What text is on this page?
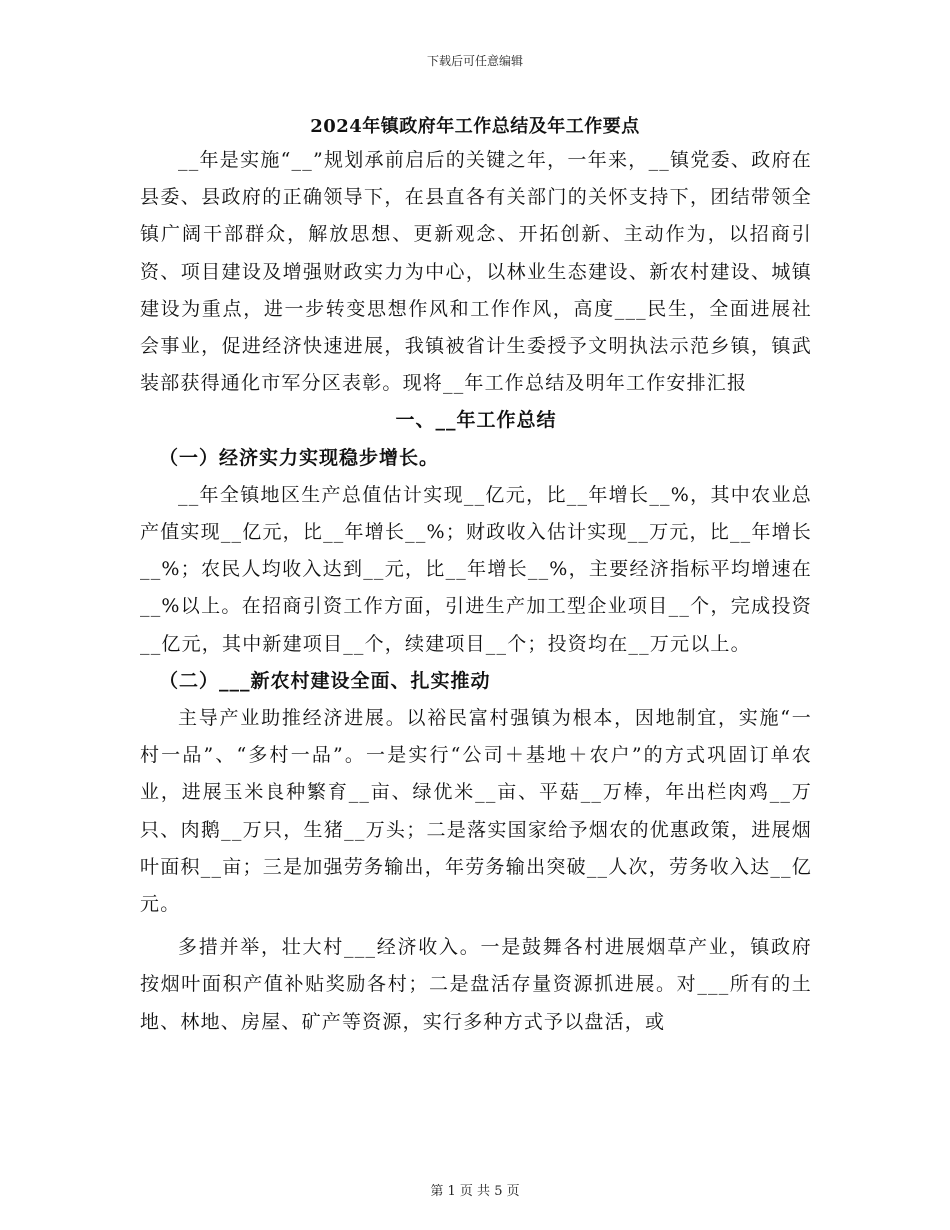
下载后可任意编辑
2024年镇政府年工作总结及年工作要点

__年是实施“__”规划承前启后的关键之年，一年来，__镇党委、政府在县委、县政府的正确领导下，在县直各有关部门的关怀支持下，团结带领全镇广阔干部群众，解放思想、更新观念、开拓创新、主动作为，以招商引资、项目建设及增强财政实力为中心，以林业生态建设、新农村建设、城镇建设为重点，进一步转变思想作风和工作作风，高度___民生，全面进展社会事业，促进经济快速进展，我镇被省计生委授予文明执法示范乡镇，镇武装部获得通化市军分区表彰。现将__年工作总结及明年工作安排汇报

一、__年工作总结

（一）经济实力实现稳步增长。

__年全镇地区生产总值估计实现__亿元，比__年增长__%，其中农业总产值实现__亿元，比__年增长__%；财政收入估计实现__万元，比__年增长__%；农民人均收入达到__元，比__年增长__%，主要经济指标平均增速在__%以上。在招商引资工作方面，引进生产加工型企业项目__个，完成投资__亿元，其中新建项目__个，续建项目__个；投资均在__万元以上。

（二）___新农村建设全面、扎实推动

主导产业助推经济进展。以裕民富村强镇为根本，因地制宜，实施“一村一品”、“多村一品”。一是实行“公司＋基地＋农户”的方式巩固订单农业，进展玉米良种繁育__亩、绿优米__亩、平菇__万棒，年出栏肉鸡__万只、肉鹅__万只，生猪__万头；二是落实国家给予烟农的优惠政策，进展烟叶面积__亩；三是加强劳务输出，年劳务输出突破__人次，劳务收入达__亿元。

多措并举，壮大村___经济收入。一是鼓舞各村进展烟草产业，镇政府按烟叶面积产值补贴奖励各村；二是盘活存量资源抓进展。对___所有的土地、林地、房屋、矿产等资源，实行多种方式予以盘活，或

第 1 页 共 5 页
